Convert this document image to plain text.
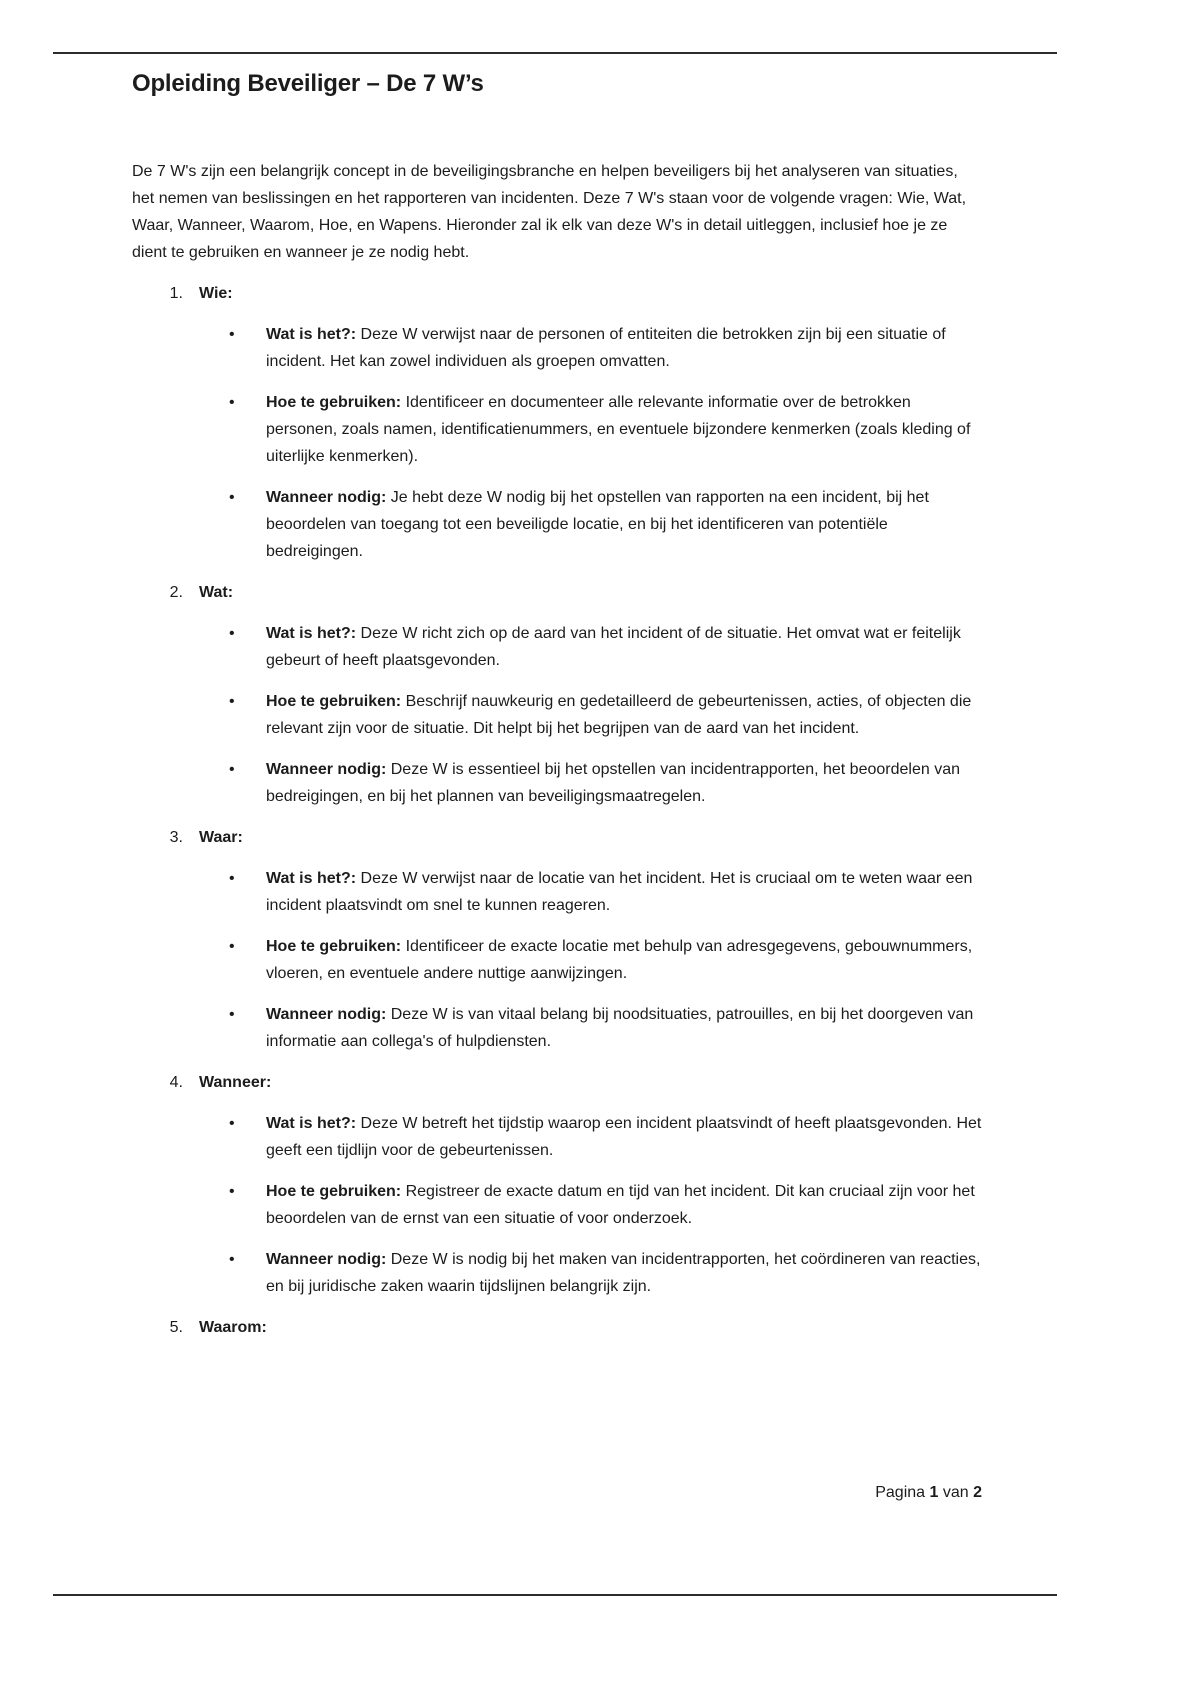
Opleiding Beveiliger – De 7 W’s

De 7 W's zijn een belangrijk concept in de beveiligingsbranche en helpen beveiligers bij het analyseren van situaties, het nemen van beslissingen en het rapporteren van incidenten. Deze 7 W's staan voor de volgende vragen: Wie, Wat, Waar, Wanneer, Waarom, Hoe, en Wapens. Hieronder zal ik elk van deze W's in detail uitleggen, inclusief hoe je ze dient te gebruiken en wanneer je ze nodig hebt.

1. Wie:
• Wat is het?: Deze W verwijst naar de personen of entiteiten die betrokken zijn bij een situatie of incident. Het kan zowel individuen als groepen omvatten.
• Hoe te gebruiken: Identificeer en documenteer alle relevante informatie over de betrokken personen, zoals namen, identificatienummers, en eventuele bijzondere kenmerken (zoals kleding of uiterlijke kenmerken).
• Wanneer nodig: Je hebt deze W nodig bij het opstellen van rapporten na een incident, bij het beoordelen van toegang tot een beveiligde locatie, en bij het identificeren van potentiële bedreigingen.
2. Wat:
• Wat is het?: Deze W richt zich op de aard van het incident of de situatie. Het omvat wat er feitelijk gebeurt of heeft plaatsgevonden.
• Hoe te gebruiken: Beschrijf nauwkeurig en gedetailleerd de gebeurtenissen, acties, of objecten die relevant zijn voor de situatie. Dit helpt bij het begrijpen van de aard van het incident.
• Wanneer nodig: Deze W is essentieel bij het opstellen van incidentrapporten, het beoordelen van bedreigingen, en bij het plannen van beveiligingsmaatregelen.
3. Waar:
• Wat is het?: Deze W verwijst naar de locatie van het incident. Het is cruciaal om te weten waar een incident plaatsvindt om snel te kunnen reageren.
• Hoe te gebruiken: Identificeer de exacte locatie met behulp van adresgegevens, gebouwnummers, vloeren, en eventuele andere nuttige aanwijzingen.
• Wanneer nodig: Deze W is van vitaal belang bij noodsituaties, patrouilles, en bij het doorgeven van informatie aan collega's of hulpdiensten.
4. Wanneer:
• Wat is het?: Deze W betreft het tijdstip waarop een incident plaatsvindt of heeft plaatsgevonden. Het geeft een tijdlijn voor de gebeurtenissen.
• Hoe te gebruiken: Registreer de exacte datum en tijd van het incident. Dit kan cruciaal zijn voor het beoordelen van de ernst van een situatie of voor onderzoek.
• Wanneer nodig: Deze W is nodig bij het maken van incidentrapporten, het coördineren van reacties, en bij juridische zaken waarin tijdslijnen belangrijk zijn.
5. Waarom:
Pagina 1 van 2
